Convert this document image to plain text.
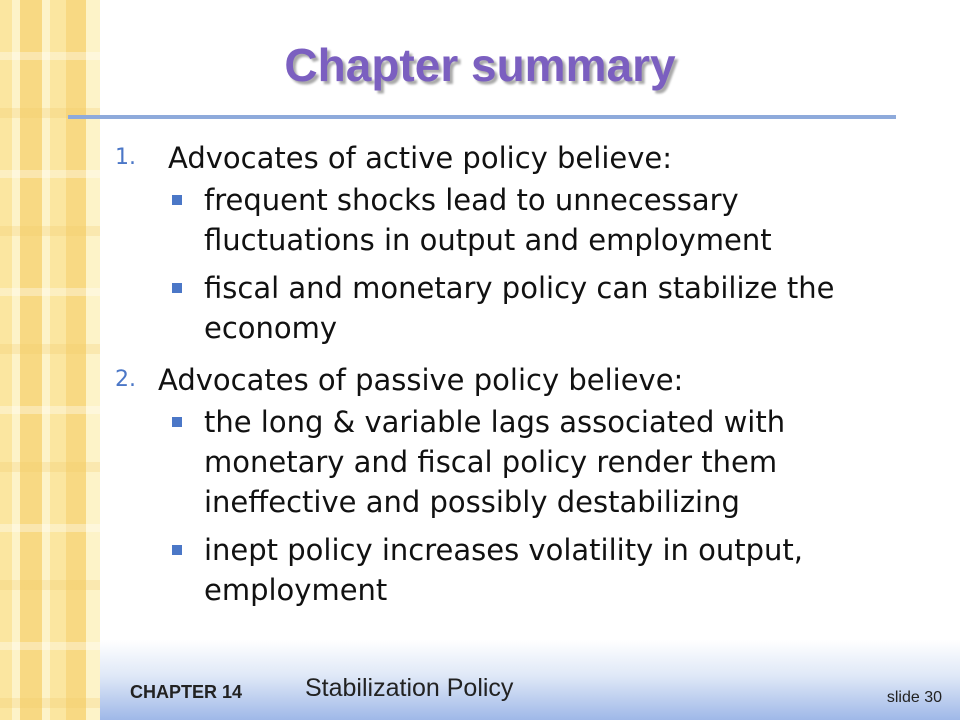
Chapter summary
1.	Advocates of active policy believe:
frequent shocks lead to unnecessary fluctuations in output and employment
fiscal and monetary policy can stabilize the economy
2. Advocates of passive policy believe:
the long & variable lags associated with monetary and fiscal policy render them ineffective and possibly destabilizing
inept policy increases volatility in output, employment
CHAPTER 14	Stabilization Policy	slide 30
